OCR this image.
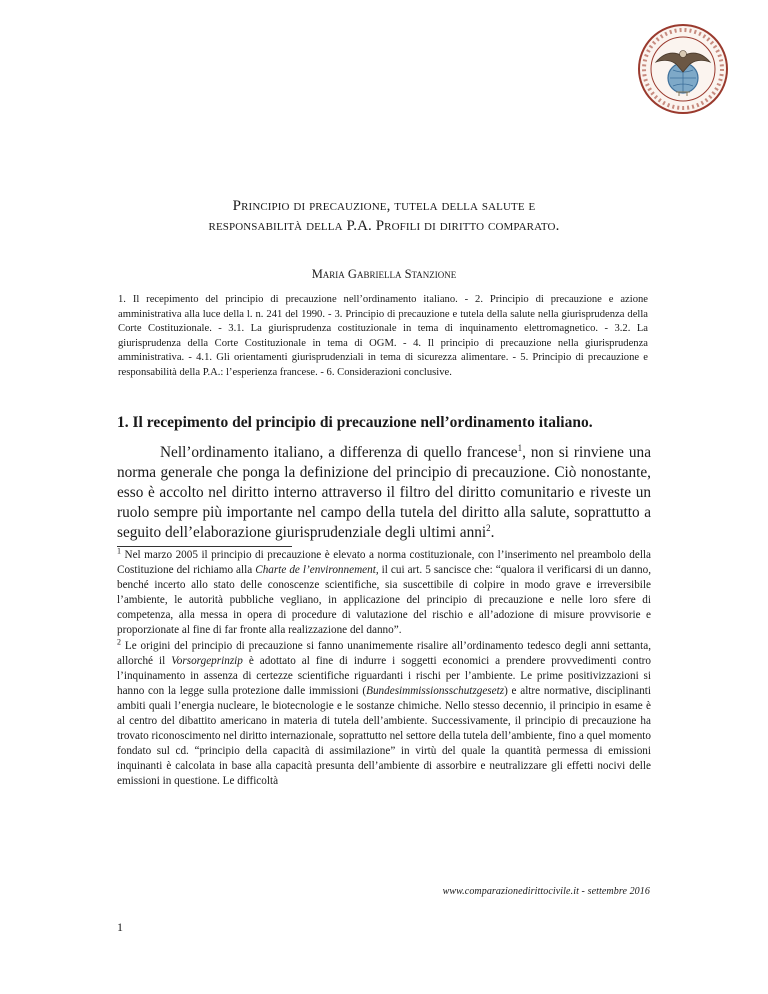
Principio di precauzione, tutela della salute e
responsabilità della P.A. Profili di diritto comparato.
Maria Gabriella Stanzione
1. Il recepimento del principio di precauzione nell’ordinamento italiano. - 2. Principio di precauzione e azione amministrativa alla luce della l. n. 241 del 1990. - 3. Principio di precauzione e tutela della salute nella giurisprudenza della Corte Costituzionale. - 3.1. La giurisprudenza costituzionale in tema di inquinamento elettromagnetico. - 3.2. La giurisprudenza della Corte Costituzionale in tema di OGM. - 4. Il principio di precauzione nella giurisprudenza amministrativa. - 4.1. Gli orientamenti giurisprudenziali in tema di sicurezza alimentare. - 5. Principio di precauzione e responsabilità della P.A.: l’esperienza francese. - 6. Considerazioni conclusive.
1. Il recepimento del principio di precauzione nell’ordinamento italiano.

Nell’ordinamento italiano, a differenza di quello francese$^1$, non si rinviene una norma generale che ponga la definizione del principio di precauzione. Ciò nonostante, esso è accolto nel diritto interno attraverso il filtro del diritto comunitario e riveste un ruolo sempre più importante nel campo della tutela del diritto alla salute, soprattutto a seguito dell’elaborazione giurisprudenziale degli ultimi anni$^2$.

$^1$ Nel marzo 2005 il principio di precauzione è elevato a norma costituzionale, con l’inserimento nel preambolo della Costituzione del richiamo alla Charte de l’environnement, il cui art. 5 sancisce che: “qualora il verificarsi di un danno, benché incerto allo stato delle conoscenze scientifiche, sia suscettibile di colpire in modo grave e irreversibile l’ambiente, le autorità pubbliche vegliano, in applicazione del principio di precauzione e nelle loro sfere di competenza, alla messa in opera di procedure di valutazione del rischio e all’adozione di misure provvisorie e proporzionate al fine di far fronte alla realizzazione del danno”.

$^2$ Le origini del principio di precauzione si fanno unanimemente risalire all’ordinamento tedesco degli anni settanta, allorché il Vorsorgeprinzip è adottato al fine di indurre i soggetti economici a prendere provvedimenti contro l’inquinamento in assenza di certezze scientifiche riguardanti i rischi per l’ambiente. Le prime positivizzazioni si hanno con la legge sulla protezione dalle immissioni (Bundesimmissionsschutzgesetz) e altre normative, disciplinanti ambiti quali l’energia nucleare, le biotecnologie e le sostanze chimiche. Nello stesso decennio, il principio in esame è al centro del dibattito americano in materia di tutela dell’ambiente. Successivamente, il principio di precauzione ha trovato riconoscimento nel diritto internazionale, soprattutto nel settore della tutela dell’ambiente, fino a quel momento fondato sul cd. “principio della capacità di assimilazione” in virtù del quale la quantità permessa di emissioni inquinanti è calcolata in base alla capacità presunta dell’ambiente di assorbire e neutralizzare gli effetti nocivi delle emissioni in questione. Le difficoltà

www.comparazionedirittocivile.it - settembre 2016
1
